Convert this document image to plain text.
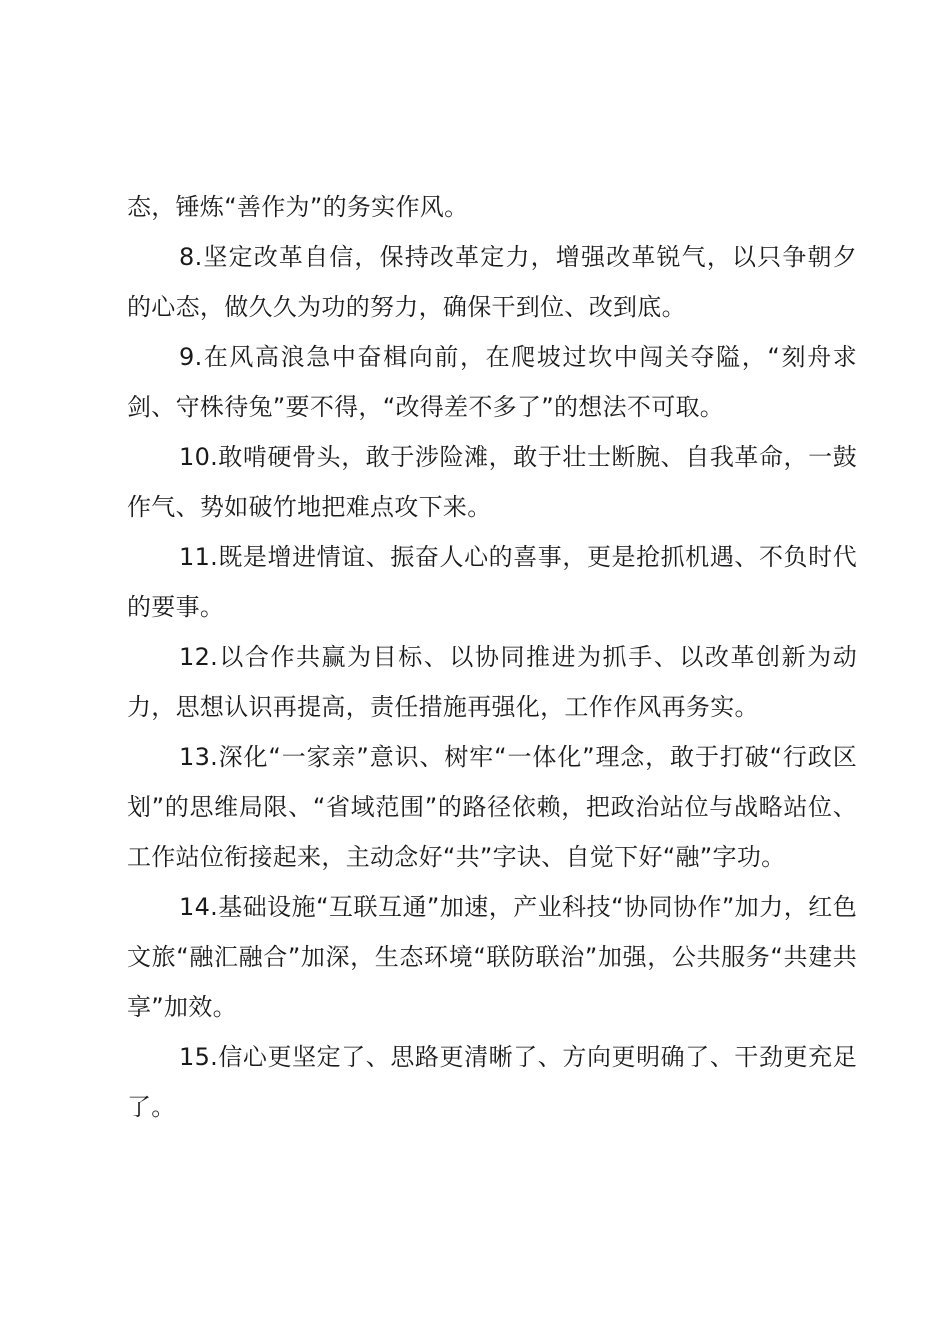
态，锤炼“善作为”的务实作风。

8.坚定改革自信，保持改革定力，增强改革锐气，以只争朝夕的心态，做久久为功的努力，确保干到位、改到底。

9.在风高浪急中奋楫向前，在爬坡过坎中闯关夺隘，“刻舟求剑、守株待兔”要不得，“改得差不多了”的想法不可取。

10.敢啃硬骨头，敢于涉险滩，敢于壮士断腕、自我革命，一鼓作气、势如破竹地把难点攻下来。

11.既是增进情谊、振奋人心的喜事，更是抢抓机遇、不负时代的要事。

12.以合作共赢为目标、以协同推进为抓手、以改革创新为动力，思想认识再提高，责任措施再强化，工作作风再务实。

13.深化“一家亲”意识、树牢“一体化”理念，敢于打破“行政区划”的思维局限、“省域范围”的路径依赖，把政治站位与战略站位、工作站位衔接起来，主动念好“共”字诀、自觉下好“融”字功。

14.基础设施“互联互通”加速，产业科技“协同协作”加力，红色文旅“融汇融合”加深，生态环境“联防联治”加强，公共服务“共建共享”加效。

15.信心更坚定了、思路更清晰了、方向更明确了、干劲更充足了。
